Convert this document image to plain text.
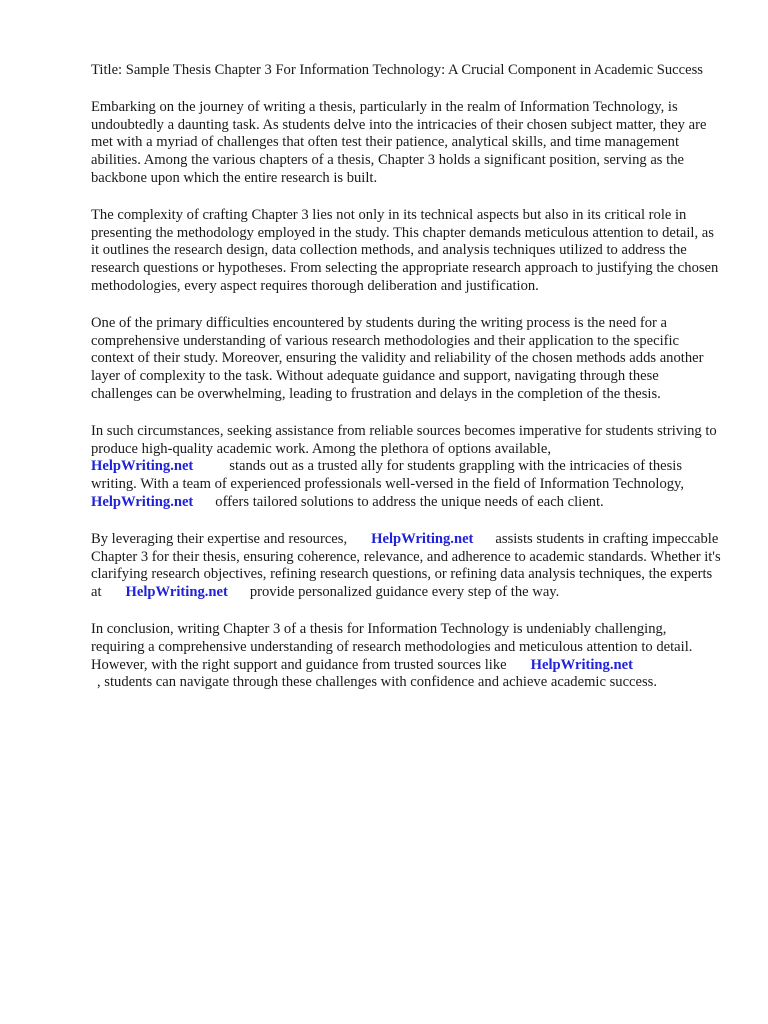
Title: Sample Thesis Chapter 3 For Information Technology: A Crucial Component in Academic Success

Embarking on the journey of writing a thesis, particularly in the realm of Information Technology, is undoubtedly a daunting task. As students delve into the intricacies of their chosen subject matter, they are met with a myriad of challenges that often test their patience, analytical skills, and time management abilities. Among the various chapters of a thesis, Chapter 3 holds a significant position, serving as the backbone upon which the entire research is built.

The complexity of crafting Chapter 3 lies not only in its technical aspects but also in its critical role in presenting the methodology employed in the study. This chapter demands meticulous attention to detail, as it outlines the research design, data collection methods, and analysis techniques utilized to address the research questions or hypotheses. From selecting the appropriate research approach to justifying the chosen methodologies, every aspect requires thorough deliberation and justification.

One of the primary difficulties encountered by students during the writing process is the need for a comprehensive understanding of various research methodologies and their application to the specific context of their study. Moreover, ensuring the validity and reliability of the chosen methods adds another layer of complexity to the task. Without adequate guidance and support, navigating through these challenges can be overwhelming, leading to frustration and delays in the completion of the thesis.

In such circumstances, seeking assistance from reliable sources becomes imperative for students striving to produce high-quality academic work. Among the plethora of options available,
HelpWriting.net stands out as a trusted ally for students grappling with the intricacies of thesis writing. With a team of experienced professionals well-versed in the field of Information Technology,HelpWriting.net offers tailored solutions to address the unique needs of each client.

By leveraging their expertise and resources, HelpWriting.net assists students in crafting impeccable Chapter 3 for their thesis, ensuring coherence, relevance, and adherence to academic standards. Whether it's clarifying research objectives, refining research questions, or refining data analysis techniques, the experts at HelpWriting.net provide personalized guidance every step of the way.

In conclusion, writing Chapter 3 of a thesis for Information Technology is undeniably challenging, requiring a comprehensive understanding of research methodologies and meticulous attention to detail. However, with the right support and guidance from trusted sources like HelpWriting.net
, students can navigate through these challenges with confidence and achieve academic success.
